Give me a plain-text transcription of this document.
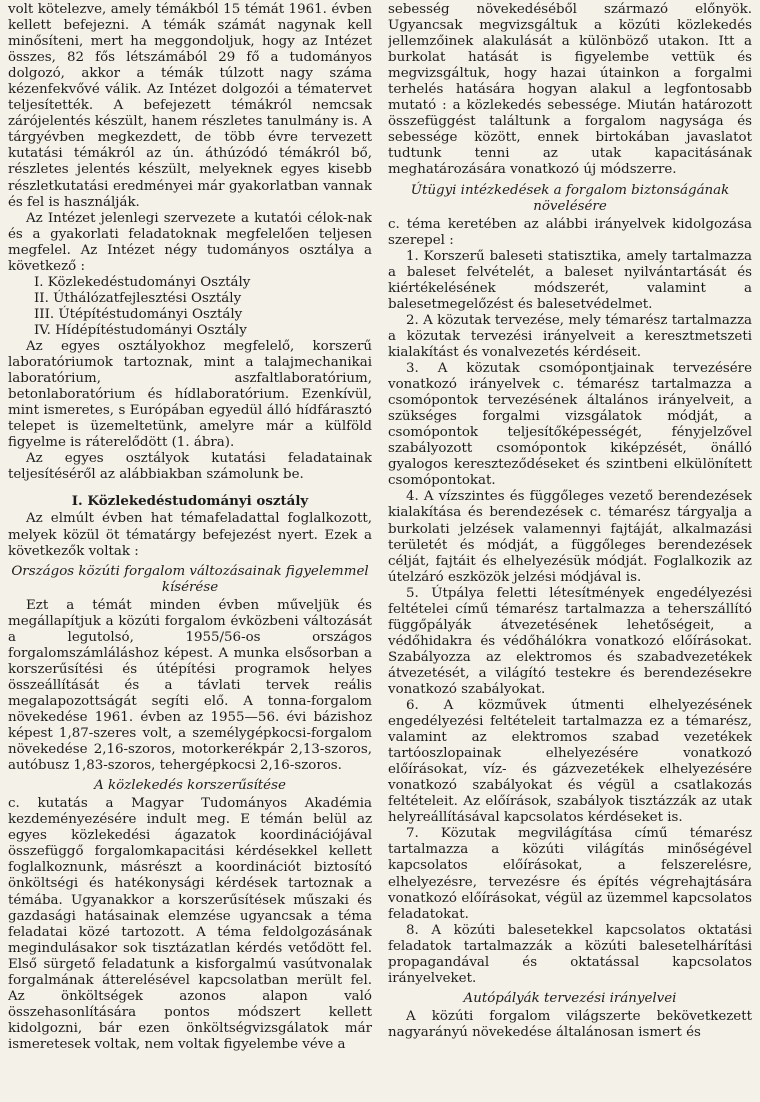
volt kötelezve, amely témákból 15 témát 1961. évben kellett befejezni. A témák számát nagynak kell minősíteni, mert ha meggondoljuk, hogy az Intézet összes, 82 fős létszámából 29 fő a tudományos dolgozó, akkor a témák túlzott nagy száma kézenfekvővé válik. Az Intézet dolgozói a tématervet teljesítették. A befejezett témákról nemcsak zárójelentés készült, hanem részletes tanulmány is. A tárgyévben megkezdett, de több évre tervezett kutatási témákról az ún. áthúzódó témákról bő, részletes jelentés készült, melyeknek egyes kisebb részletkutatási eredményei már gyakorlatban vannak és fel is használják.

Az Intézet jelenlegi szervezete a kutatói célok-nak és a gyakorlati feladatoknak megfelelően teljesen megfelel. Az Intézet négy tudományos osztálya a következő :

I. Közlekedéstudományi Osztály
II. Úthálózatfejlesztési Osztály
III. Útépítéstudományi Osztály
IV. Hídépítéstudományi Osztály

Az egyes osztályokhoz megfelelő, korszerű laboratóriumok tartoznak, mint a talajmechanikai laboratórium, aszfaltlaboratórium, betonlaboratórium és hídlaboratórium. Ezenkívül, mint ismeretes, s Európában egyedül álló hídfárasztó telepet is üzemeltetünk, amelyre már a külföld figyelme is ráterelődött (1. ábra).

Az egyes osztályok kutatási feladatainak teljesítéséről az alábbiakban számolunk be.

I. Közlekedéstudományi osztály

Az elmúlt évben hat témafeladattal foglalkozott, melyek közül öt tématárgy befejezést nyert. Ezek a következők voltak :

Országos közúti forgalom változásainak figyelemmel kísérése

Ezt a témát minden évben műveljük és megállapítjuk a közúti forgalom évközbeni változását a legutolsó, 1955/56-os országos forgalomszámláláshoz képest. A munka elsősorban a korszerűsítési és útépítési programok helyes összeállítását és a távlati tervek reális megalapozottságát segíti elő. A tonna-forgalom növekedése 1961. évben az 1955—56. évi bázishoz képest 1,87-szeres volt, a személygépkocsi-forgalom növekedése 2,16-szoros, motorkerékpár 2,13-szoros, autóbusz 1,83-szoros, tehergépkocsi 2,16-szoros.

A közlekedés korszerűsítése

c. kutatás a Magyar Tudományos Akadémia kezdeményezésére indult meg. E témán belül az egyes közlekedési ágazatok koordinációjával összefüggő forgalomkapacitási kérdésekkel kellett foglalkoznunk, másrészt a koordinációt biztosító önköltségi és hatékonysági kérdések tartoznak a témába. Ugyanakkor a korszerűsítések műszaki és gazdasági hatásainak elemzése ugyancsak a téma feladatai közé tartozott. A téma feldolgozásának megindulásakor sok tisztázatlan kérdés vetődött fel. Első sürgető feladatunk a kisforgalmú vasútvonalak forgalmának átterelésével kapcsolatban merült fel. Az önköltségek azonos alapon való összehasonlítására pontos módszert kellett kidolgozni, bár ezen önköltségvizsgálatok már ismeretesek voltak, nem voltak figyelembe véve a

sebesség növekedéséből származó előnyök. Ugyancsak megvizsgáltuk a közúti közlekedés jellemzőinek alakulását a különböző utakon. Itt a burkolat hatását is figyelembe vettük és megvizsgáltuk, hogy hazai útainkon a forgalmi terhelés hatására hogyan alakul a legfontosabb mutató : a közlekedés sebessége. Miután határozott összefüggést találtunk a forgalom nagysága és sebessége között, ennek birtokában javaslatot tudtunk tenni az utak kapacitásának meghatározására vonatkozó új módszerre.

Útügyi intézkedések a forgalom biztonságának növelésére

c. téma keretében az alábbi irányelvek kidolgozása szerepel :

1. Korszerű baleseti statisztika, amely tartalmazza a baleset felvételét, a baleset nyilvántartását és kiértékelésének módszerét, valamint a balesetmegelőzést és balesetvédelmet.

2. A közutak tervezése, mely témarész tartalmazza a közutak tervezési irányelveit a keresztmetszeti kialakítást és vonalvezetés kérdéseit.

3. A közutak csomópontjainak tervezésére vonatkozó irányelvek c. témarész tartalmazza a csomópontok tervezésének általános irányelveit, a szükséges forgalmi vizsgálatok módját, a csomópontok teljesítőképességét, fényjelzővel szabályozott csomópontok kiképzését, önálló gyalogos kereszteződéseket és szintbeni elkülönített csomópontokat.

4. A vízszintes és függőleges vezető berendezések kialakítása és berendezések c. témarész tárgyalja a burkolati jelzések valamennyi fajtáját, alkalmazási területét és módját, a függőleges berendezések célját, fajtáit és elhelyezésük módját. Foglalkozik az útelzáró eszközök jelzési módjával is.

5. Útpálya feletti létesítmények engedélyezési feltételei című témarész tartalmazza a teherszállító függőpályák átvezetésének lehetőségeit, a védőhidakra és védőhálókra vonatkozó előírásokat. Szabályozza az elektromos és szabadvezetékek átvezetését, a világító testekre és berendezésekre vonatkozó szabályokat.

6. A közművek útmenti elhelyezésének engedélyezési feltételeit tartalmazza ez a témarész, valamint az elektromos szabad vezetékek tartóoszlopainak elhelyezésére vonatkozó előírásokat, víz- és gázvezetékek elhelyezésére vonatkozó szabályokat és végül a csatlakozás feltételeit. Az előírások, szabályok tisztázzák az utak helyreállításával kapcsolatos kérdéseket is.

7. Közutak megvilágítása című témarész tartalmazza a közúti világítás minőségével kapcsolatos előírásokat, a felszerelésre, elhelyezésre, tervezésre és építés végrehajtására vonatkozó előírásokat, végül az üzemmel kapcsolatos feladatokat.

8. A közúti balesetekkel kapcsolatos oktatási feladatok tartalmazzák a közúti balesetelhárítási propagandával és oktatással kapcsolatos irányelveket.

Autópályák tervezési irányelvei

A közúti forgalom világszerte bekövetkezett nagyarányú növekedése általánosan ismert és
